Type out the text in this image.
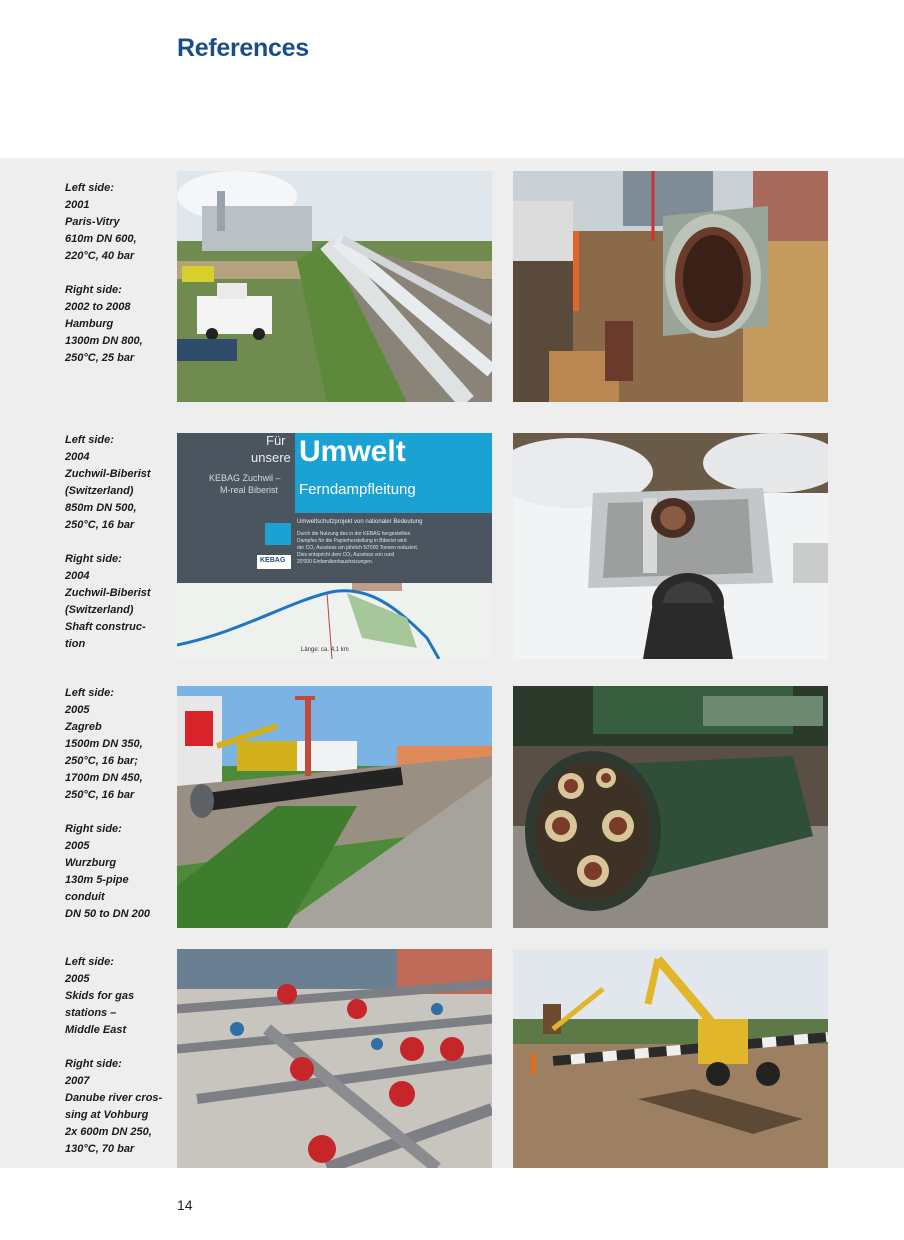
References
Left side:
2001
Paris-Vitry
610m DN 600,
220°C, 40 bar
Right side:
2002 to 2008
Hamburg
1300m DN 800,
250°C, 25 bar
Left side:
2004
Zuchwil-Biberist
(Switzerland)
850m DN 500,
250°C, 16 bar
Right side:
2004
Zuchwil-Biberist
(Switzerland)
Shaft construc-
tion
Left side:
2005
Zagreb
1500m DN 350,
250°C, 16 bar;
1700m DN 450,
250°C, 16 bar
Right side:
2005
Wurzburg
130m 5-pipe
conduit
DN 50 to DN 200
Left side:
2005
Skids for gas
stations –
Middle East
Right side:
2007
Danube river cros-
sing at Vohburg
2x 600m DN 250,
130°C, 70 bar
Für
unsere Umwelt
Ferndampfleitung
KEBAG Zuchwil –
M-real Biberist
Umweltschutzprojekt von nationaler Bedeutung
Durch die Nutzung des in der KEBAG hergestellten
Dampfes für die Papierherstellung in Biberist wird
der CO₂ Ausstoss um jährlich 50'000 Tonnen reduziert.
Dies entspricht dem CO₂ Ausstoss von rund
20'000 Einfamilienhausheizungen.
KEBAG
Länge: ca. 4,1 km
14
